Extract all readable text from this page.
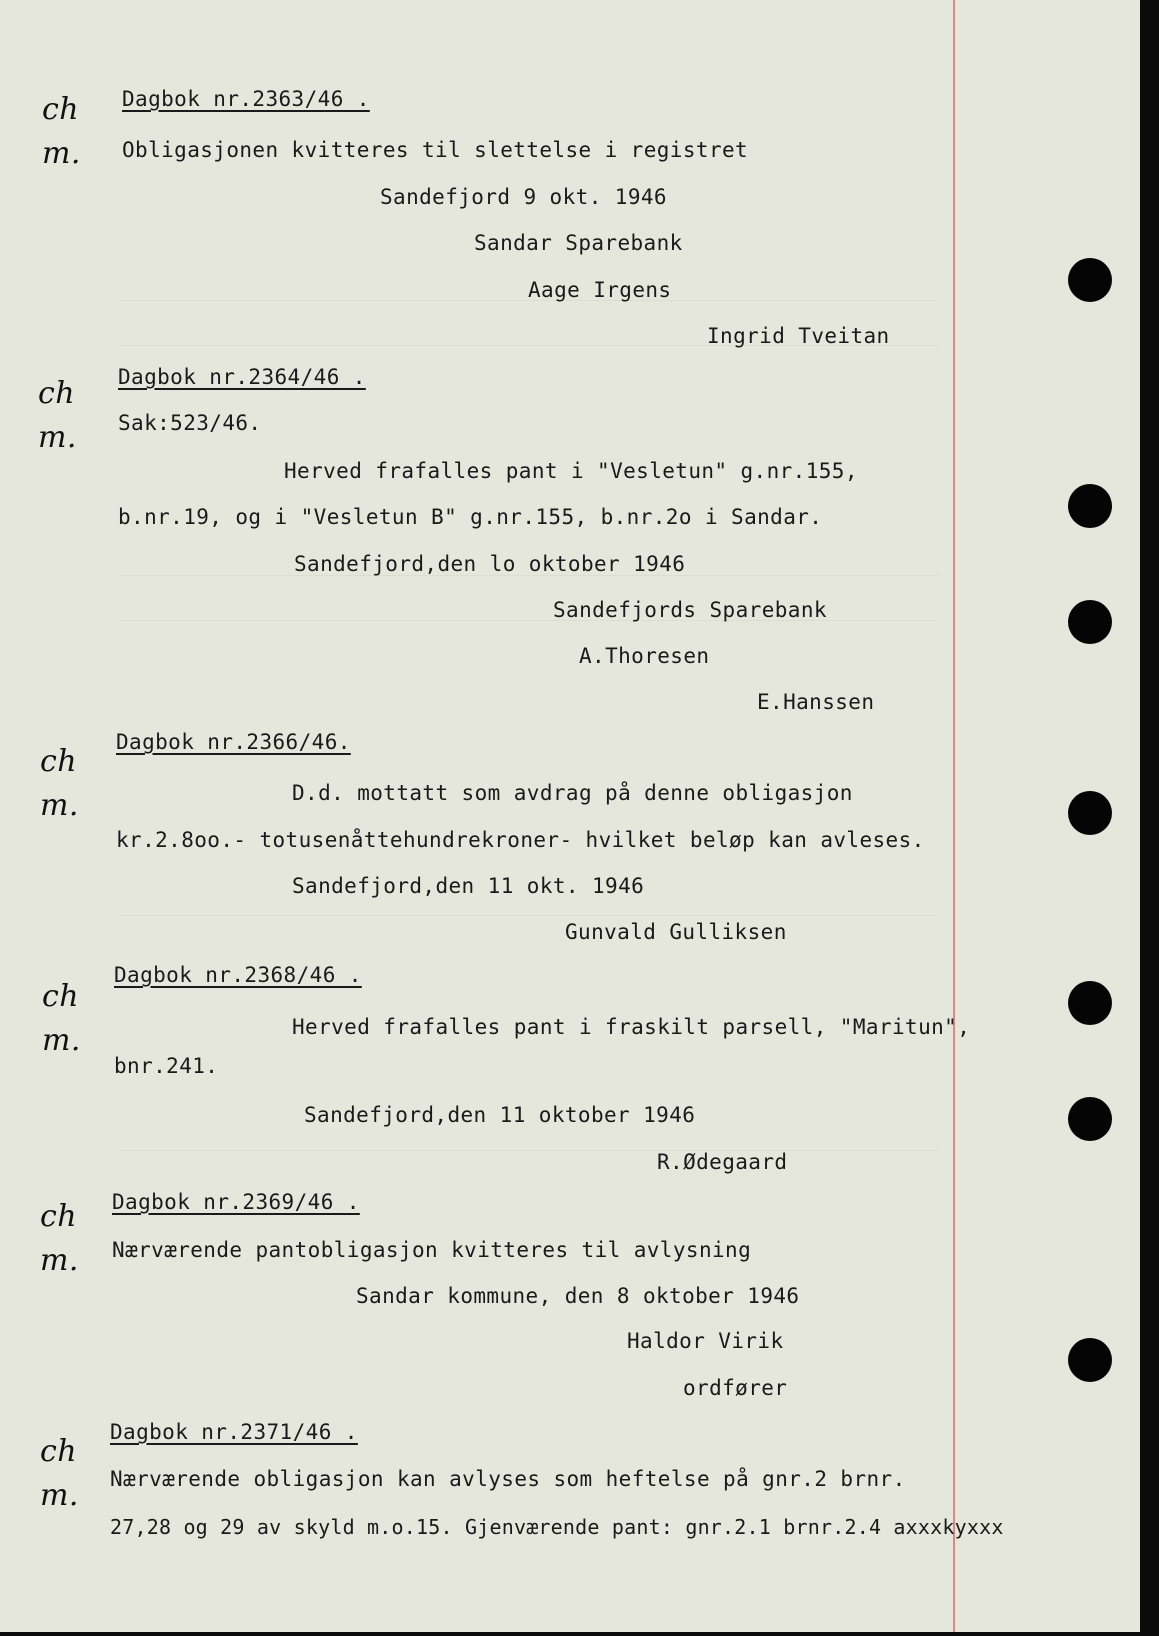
ch
m.
Dagbok nr.2363/46 .
Obligasjonen kvitteres til slettelse i registret
Sandefjord 9 okt. 1946
Sandar Sparebank
Aage Irgens
Ingrid Tveitan
ch
m.
Dagbok nr.2364/46 .
Sak:523/46.
Herved frafalles pant i "Vesletun" g.nr.155,
b.nr.19, og i "Vesletun B" g.nr.155, b.nr.2o i Sandar.
Sandefjord,den lo oktober 1946
Sandefjords Sparebank
A.Thoresen
E.Hanssen
ch
m.
Dagbok nr.2366/46.
D.d. mottatt som avdrag på denne obligasjon
kr.2.8oo.- totusenåttehundrekroner- hvilket beløp kan avleses.
Sandefjord,den 11 okt. 1946
Gunvald Gulliksen
ch
m.
Dagbok nr.2368/46 .
Herved frafalles pant i fraskilt parsell, "Maritun",
bnr.241.
Sandefjord,den 11 oktober 1946
R.Ødegaard
ch
m.
Dagbok nr.2369/46 .
Nærværende pantobligasjon kvitteres til avlysning
Sandar kommune, den 8 oktober 1946
Haldor Virik
ordfører
ch
m.
Dagbok nr.2371/46 .
Nærværende obligasjon kan avlyses som heftelse på gnr.2 brnr.
27,28 og 29 av skyld m.o.15. Gjenværende pant: gnr.2.1 brnr.2.4 axxxkyxxx
